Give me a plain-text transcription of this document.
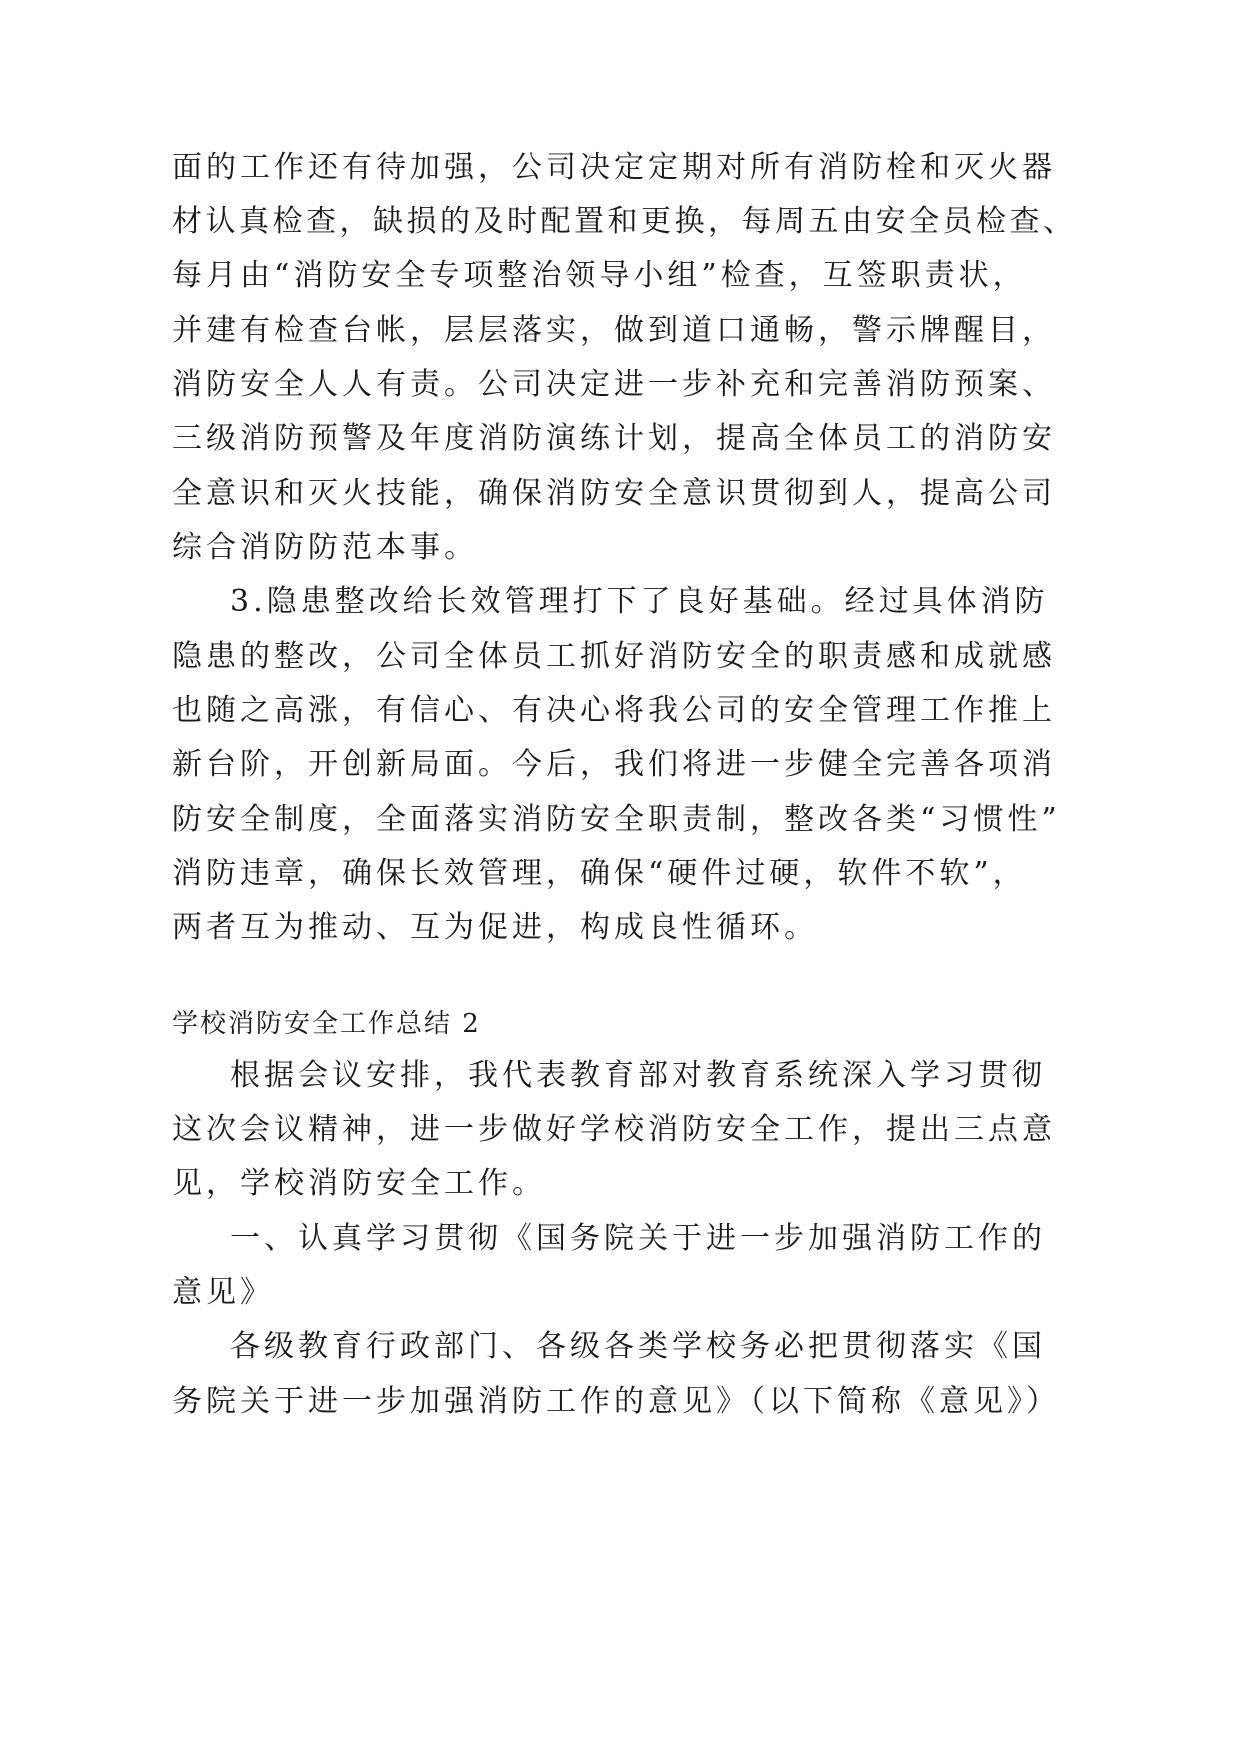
面的工作还有待加强，公司决定定期对所有消防栓和灭火器
材认真检查，缺损的及时配置和更换，每周五由安全员检查、
每月由“消防安全专项整治领导小组”检查，互签职责状，
并建有检查台帐，层层落实，做到道口通畅，警示牌醒目，
消防安全人人有责。公司决定进一步补充和完善消防预案、
三级消防预警及年度消防演练计划，提高全体员工的消防安
全意识和灭火技能，确保消防安全意识贯彻到人，提高公司
综合消防防范本事。
3.隐患整改给长效管理打下了良好基础。经过具体消防
隐患的整改，公司全体员工抓好消防安全的职责感和成就感
也随之高涨，有信心、有决心将我公司的安全管理工作推上
新台阶，开创新局面。今后，我们将进一步健全完善各项消
防安全制度，全面落实消防安全职责制，整改各类“习惯性”
消防违章，确保长效管理，确保“硬件过硬，软件不软”，
两者互为推动、互为促进，构成良性循环。
学校消防安全工作总结 2
根据会议安排，我代表教育部对教育系统深入学习贯彻
这次会议精神，进一步做好学校消防安全工作，提出三点意
见，学校消防安全工作。
一、认真学习贯彻《国务院关于进一步加强消防工作的
意见》
各级教育行政部门、各级各类学校务必把贯彻落实《国
务院关于进一步加强消防工作的意见》（以下简称《意见》）
